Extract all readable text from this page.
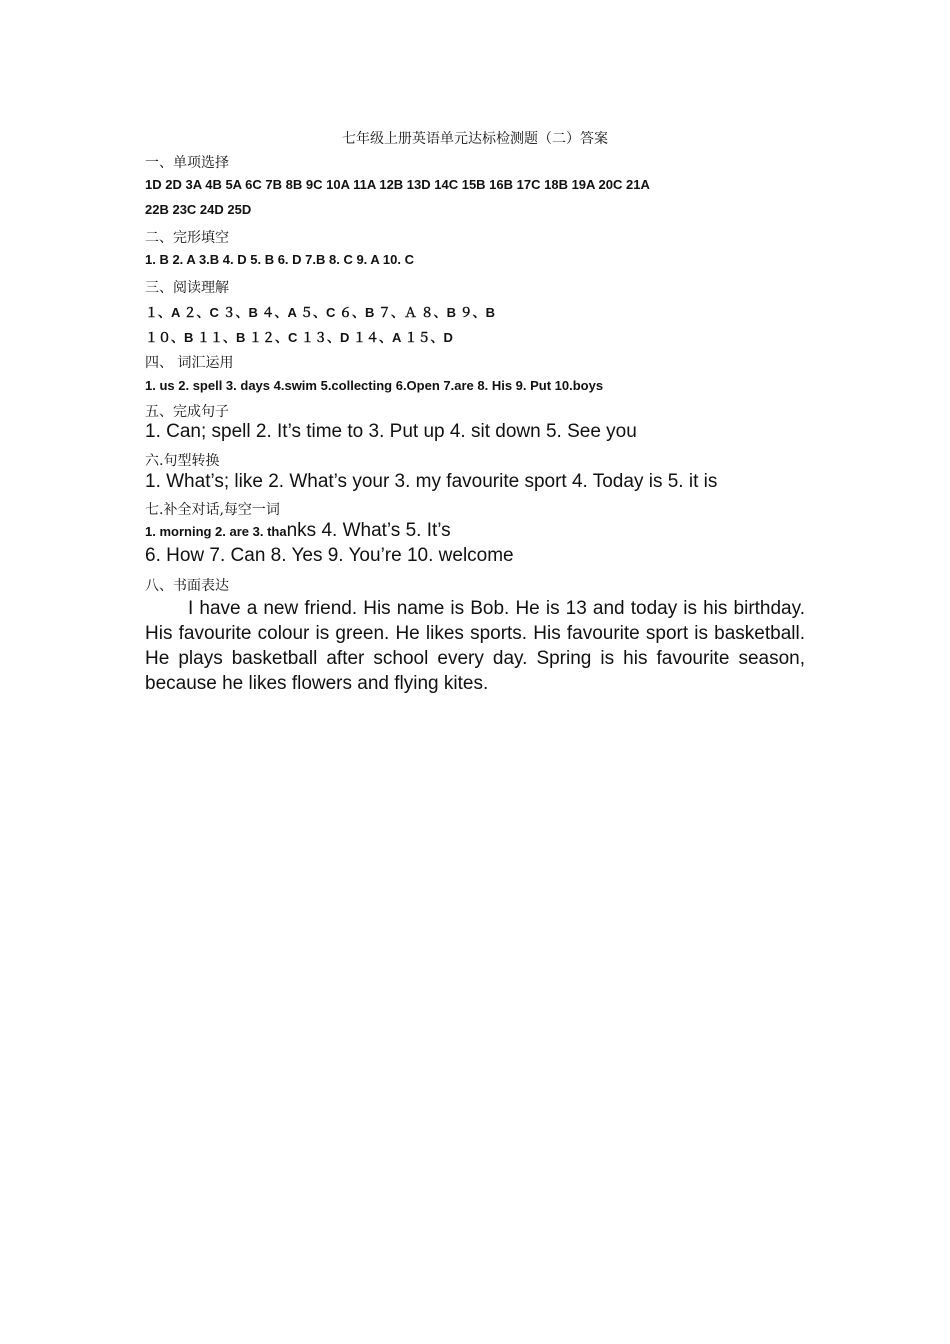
七年级上册英语单元达标检测题（二）答案
一、单项选择
1D 2D 3A 4B 5A 6C 7B 8B 9C 10A 11A 12B 13D 14C 15B 16B 17C 18B 19A 20C 21A
22B 23C 24D 25D
二、完形填空
1. B 2. A 3.B 4. D 5. B 6. D 7.B 8. C 9. A 10. C
三、阅读理解
１、A ２、C ３、B ４、A ５、C ６、B ７、Ａ ８、B ９、B
１０、B １１、B １２、C １３、D １４、A １５、D
四、 词汇运用
1. us 2. spell 3. days 4.swim 5.collecting 6.Open 7.are 8. His 9. Put 10.boys
五、完成句子
1. Can; spell 2. It’s time to 3. Put up 4. sit down 5. See you
六.句型转换
1. What’s; like 2. What’s your 3. my favourite sport 4. Today is 5. it is
七.补全对话,每空一词
1. morning 2. are 3. thanks 4. What’s 5. It’s
6. How 7. Can 8. Yes 9. You’re 10. welcome
八、书面表达
I have a new friend. His name is Bob. He is 13 and today is his birthday. His favourite colour is green. He likes sports. His favourite sport is basketball. He plays basketball after school every day. Spring is his favourite season, because he likes flowers and flying kites.
